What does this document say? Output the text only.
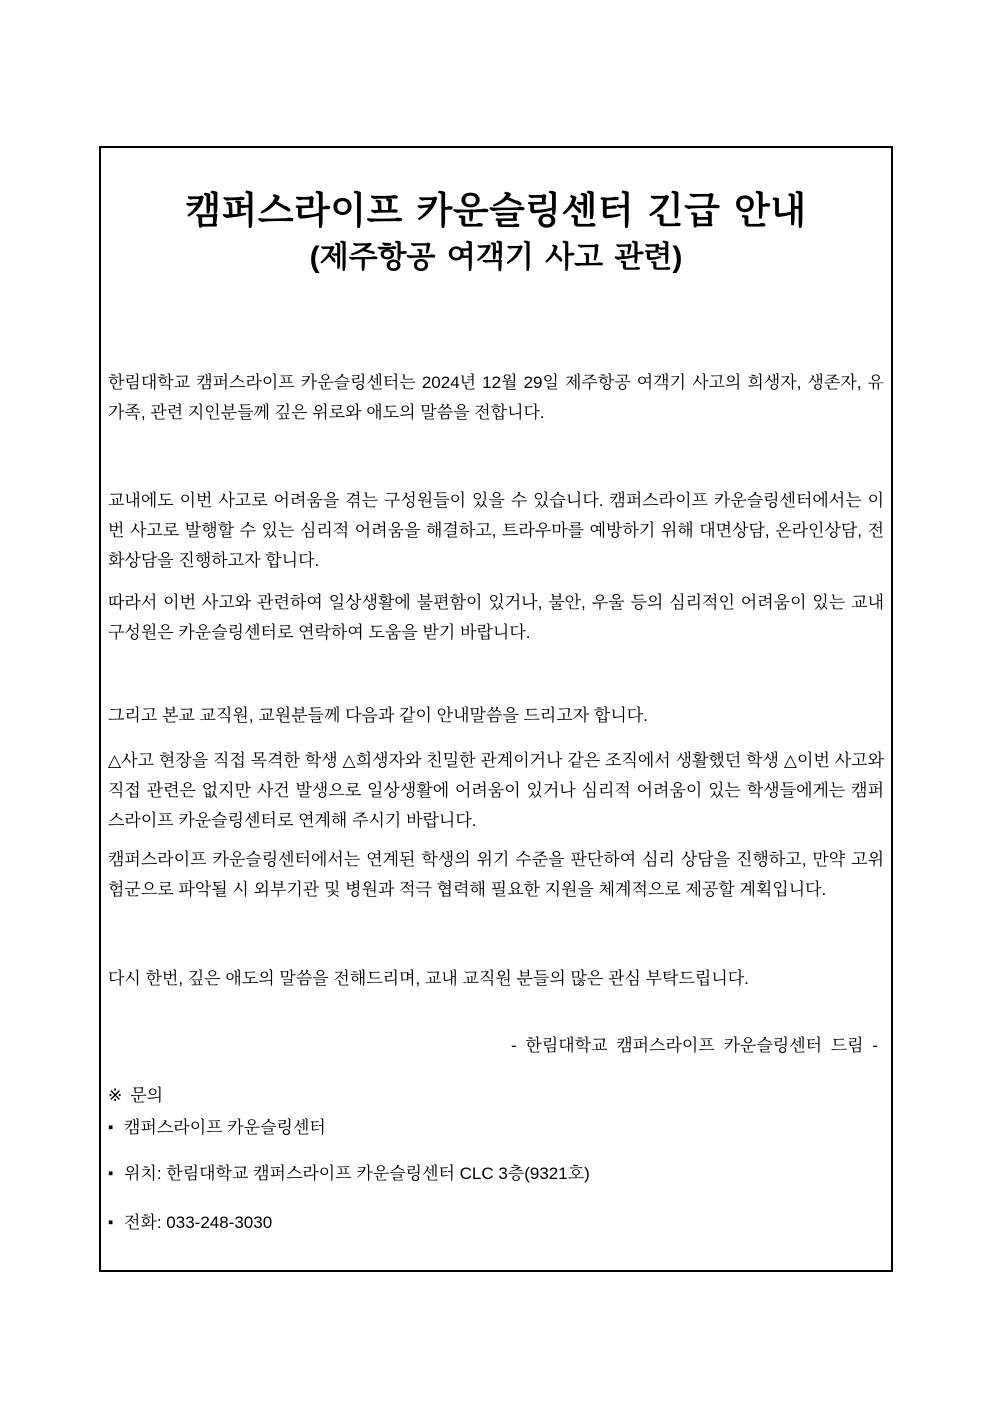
캠퍼스라이프 카운슬링센터 긴급 안내
(제주항공 여객기 사고 관련)

한림대학교 캠퍼스라이프 카운슬링센터는 2024년 12월 29일 제주항공 여객기 사고의 희생자, 생존자, 유가족, 관련 지인분들께 깊은 위로와 애도의 말씀을 전합니다.

교내에도 이번 사고로 어려움을 겪는 구성원들이 있을 수 있습니다. 캠퍼스라이프 카운슬링센터에서는 이번 사고로 발행할 수 있는 심리적 어려움을 해결하고, 트라우마를 예방하기 위해 대면상담, 온라인상담, 전화상담을 진행하고자 합니다.

따라서 이번 사고와 관련하여 일상생활에 불편함이 있거나, 불안, 우울 등의 심리적인 어려움이 있는 교내 구성원은 카운슬링센터로 연락하여 도움을 받기 바랍니다.

그리고 본교 교직원, 교원분들께 다음과 같이 안내말씀을 드리고자 합니다.

△사고 현장을 직접 목격한 학생 △희생자와 친밀한 관계이거나 같은 조직에서 생활했던 학생 △이번 사고와 직접 관련은 없지만 사건 발생으로 일상생활에 어려움이 있거나 심리적 어려움이 있는 학생들에게는 캠퍼스라이프 카운슬링센터로 연계해 주시기 바랍니다.

캠퍼스라이프 카운슬링센터에서는 연계된 학생의 위기 수준을 판단하여 심리 상담을 진행하고, 만약 고위험군으로 파악될 시 외부기관 및 병원과 적극 협력해 필요한 지원을 체계적으로 제공할 계획입니다.

다시 한번, 깊은 애도의 말씀을 전해드리며, 교내 교직원 분들의 많은 관심 부탁드립니다.

- 한림대학교 캠퍼스라이프 카운슬링센터 드림 -
※ 문의
▪ 캠퍼스라이프 카운슬링센터
▪ 위치: 한림대학교 캠퍼스라이프 카운슬링센터 CLC 3층(9321호)
▪ 전화: 033-248-3030
